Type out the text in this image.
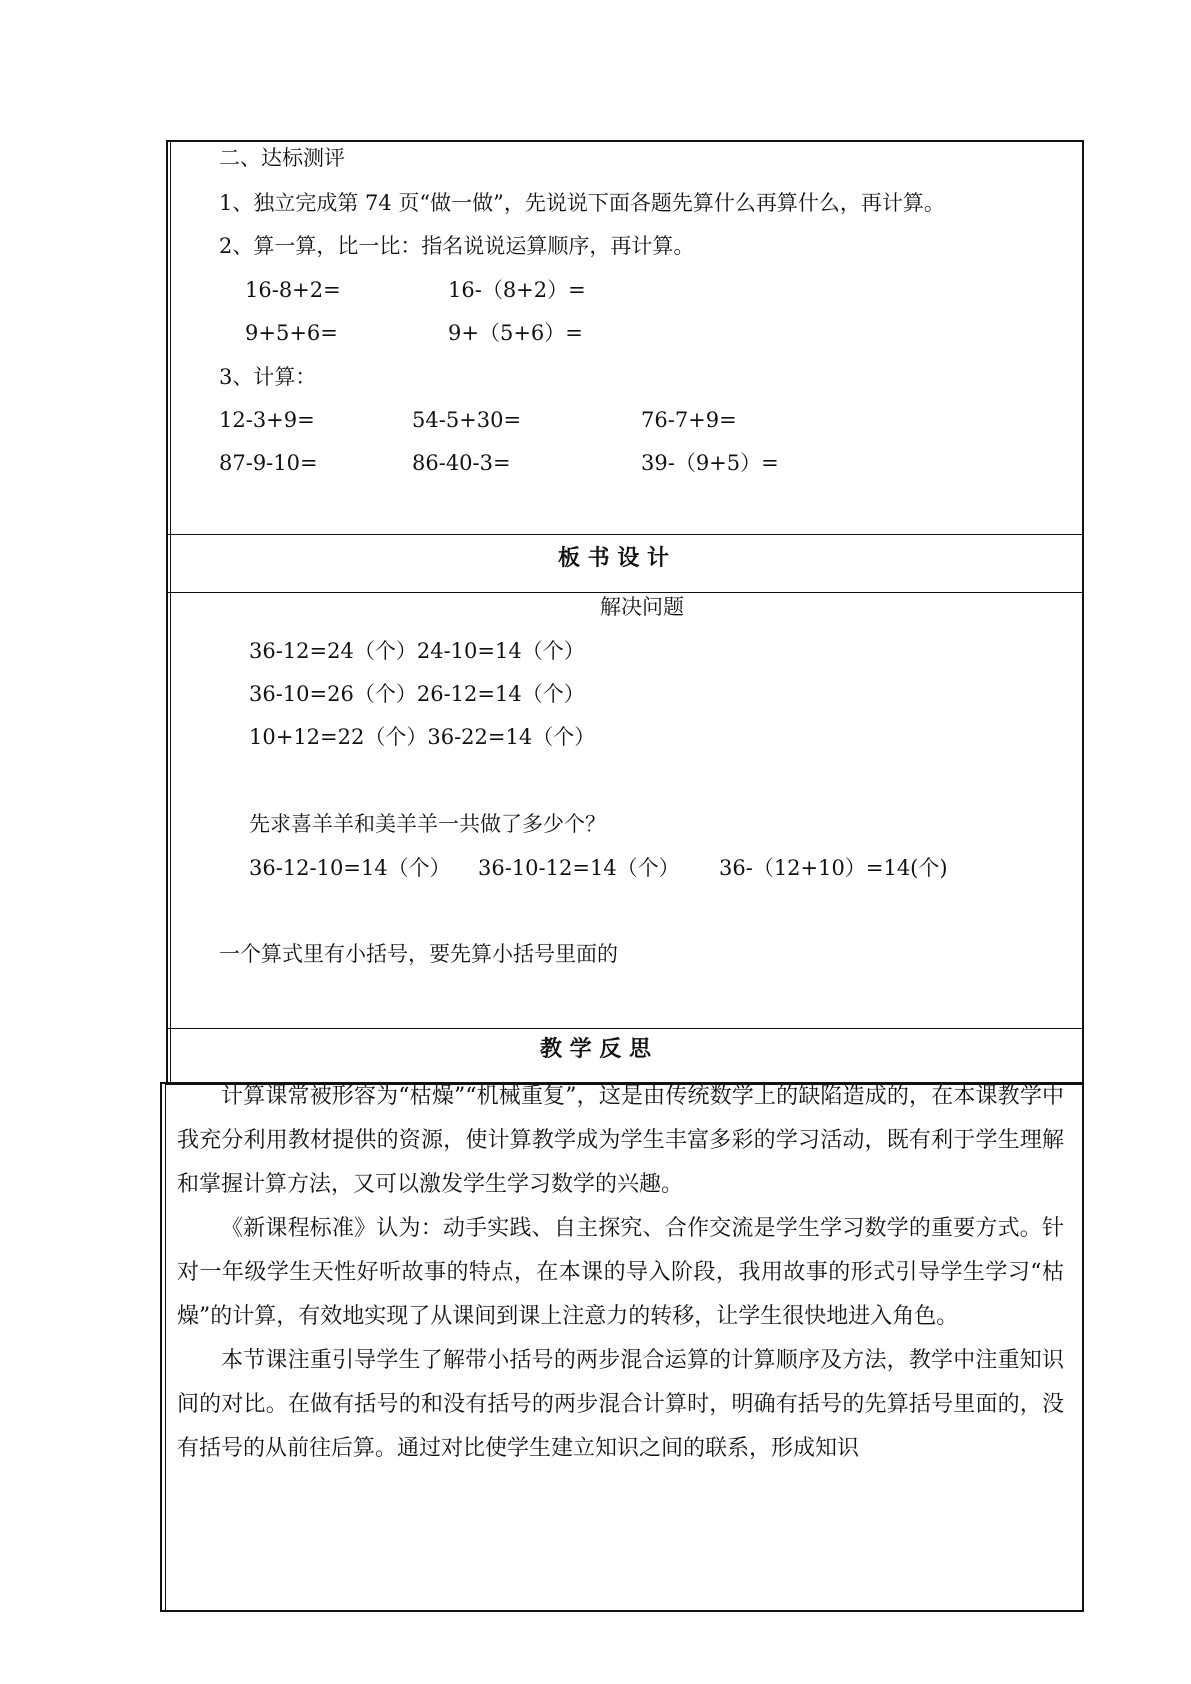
二、达标测评
1、独立完成第 74 页“做一做”，先说说下面各题先算什么再算什么，再计算。
2、算一算，比一比：指名说说运算顺序，再计算。
16-8+2=	16-（8+2）=
9+5+6=	9+（5+6）=
3、计算：
12-3+9=	54-5+30=	76-7+9=
87-9-10=	86-40-3=	39-（9+5）=
板 书 设 计
解决问题
36-12=24（个）24-10=14（个）
36-10=26（个）26-12=14（个）
10+12=22（个）36-22=14（个）
先求喜羊羊和美羊羊一共做了多少个？
36-12-10=14（个） 36-10-12=14（个） 36-（12+10）=14(个)
一个算式里有小括号，要先算小括号里面的
教 学 反 思

计算课常被形容为“枯燥”“机械重复”，这是由传统数学上的缺陷造成的，在本课教学中我充分利用教材提供的资源，使计算教学成为学生丰富多彩的学习活动，既有利于学生理解和掌握计算方法，又可以激发学生学习数学的兴趣。

《新课程标准》认为：动手实践、自主探究、合作交流是学生学习数学的重要方式。针对一年级学生天性好听故事的特点，在本课的导入阶段，我用故事的形式引导学生学习“枯燥”的计算，有效地实现了从课间到课上注意力的转移，让学生很快地进入角色。

本节课注重引导学生了解带小括号的两步混合运算的计算顺序及方法，教学中注重知识间的对比。在做有括号的和没有括号的两步混合计算时，明确有括号的先算括号里面的，没有括号的从前往后算。通过对比使学生建立知识之间的联系，形成知识
